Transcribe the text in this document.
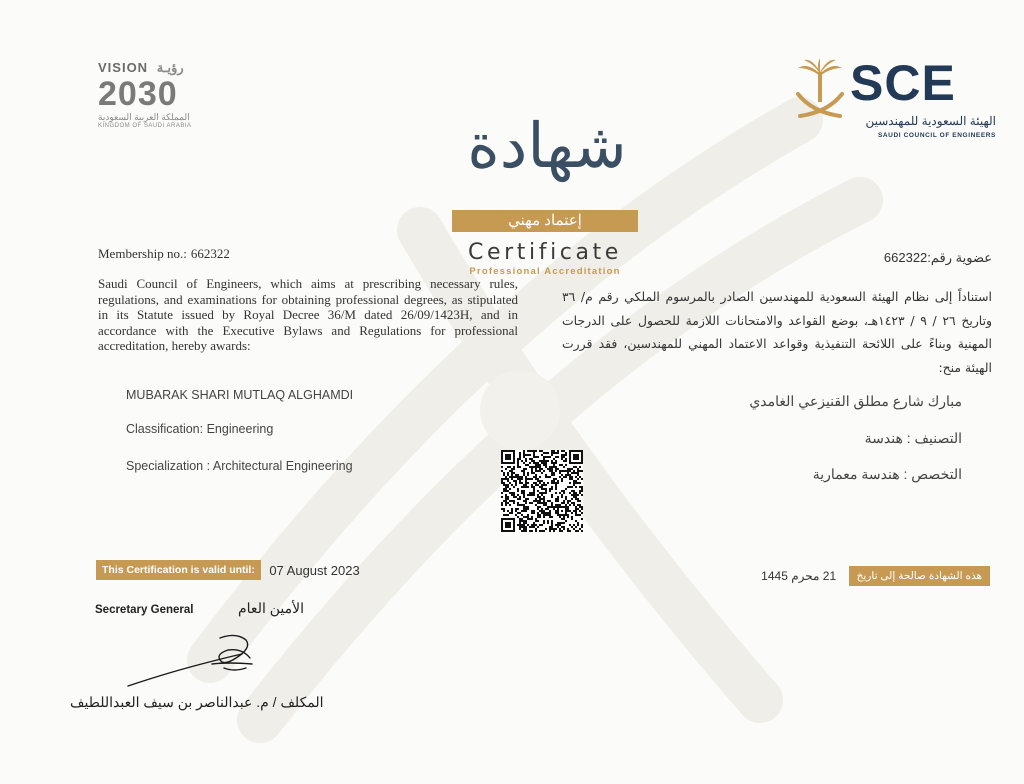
VISION رؤيـة
2030
المملكة العربية السعودية
KINGDOM OF SAUDI ARABIA
SCE
الهيئة السعودية للمهندسين
SAUDI COUNCIL OF ENGINEERS
شهادة
إعتماد مهني
Certificate
Professional Accreditation
Membership no.: 662322
Saudi Council of Engineers, which aims at prescribing necessary rules, regulations, and examinations for obtaining professional degrees, as stipulated in its Statute issued by Royal Decree 36/M dated 26/09/1423H, and in accordance with the Executive Bylaws and Regulations for professional accreditation, hereby awards:
MUBARAK SHARI MUTLAQ ALGHAMDI
Classification: Engineering
Specialization : Architectural Engineering
عضوية رقم:662322
استناداً إلى نظام الهيئة السعودية للمهندسين الصادر بالمرسوم الملكي رقم م/ ٣٦ وتاريخ ٢٦ / ٩ / ١٤٢٣هـ، بوضع القواعد والامتحانات اللازمة للحصول على الدرجات المهنية وبناءً على اللائحة التنفيذية وقواعد الاعتماد المهني للمهندسين، فقد قررت الهيئة منح:
مبارك شارع مطلق القنيزعي الغامدي
التصنيف : هندسة
التخصص : هندسة معمارية
This Certification is valid until: 07 August 2023	هذه الشهادة صالحة إلى تاريخ 21 محرم 1445
Secretary General	الأمين العام
المكلف / م. عبدالناصر بن سيف العبداللطيف
